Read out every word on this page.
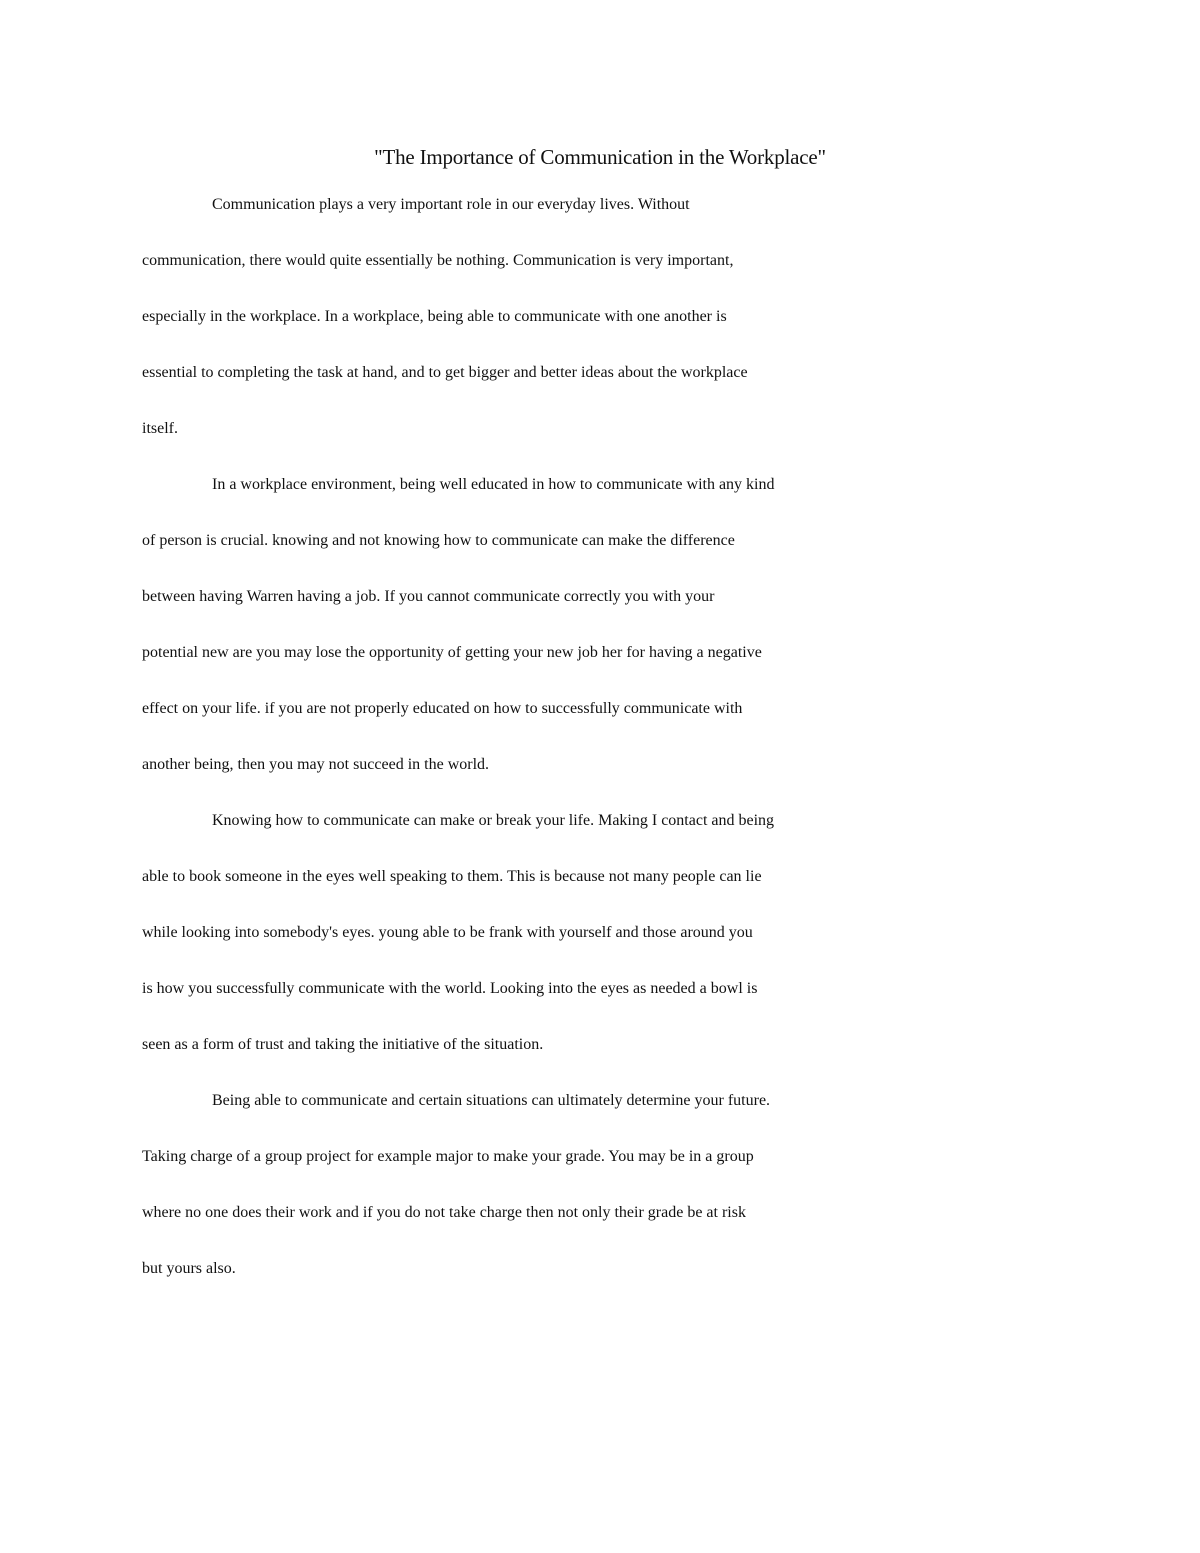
"The Importance of Communication in the Workplace"
Communication plays a very important role in our everyday lives. Without
communication, there would quite essentially be nothing. Communication is very important,
especially in the workplace. In a workplace, being able to communicate with one another is
essential to completing the task at hand, and to get bigger and better ideas about the workplace
itself.
In a workplace environment, being well educated in how to communicate with any kind
of person is crucial. knowing and not knowing how to communicate can make the difference
between having Warren having a job. If you cannot communicate correctly you with your
potential new are you may lose the opportunity of getting your new job her for having a negative
effect on your life. if you are not properly educated on how to successfully communicate with
another being, then you may not succeed in the world.
Knowing how to communicate can make or break your life. Making I contact and being
able to book someone in the eyes well speaking to them. This is because not many people can lie
while looking into somebody's eyes. young able to be frank with yourself and those around you
is how you successfully communicate with the world. Looking into the eyes as needed a bowl is
seen as a form of trust and taking the initiative of the situation.
Being able to communicate and certain situations can ultimately determine your future.
Taking charge of a group project for example major to make your grade. You may be in a group
where no one does their work and if you do not take charge then not only their grade be at risk
but yours also.
